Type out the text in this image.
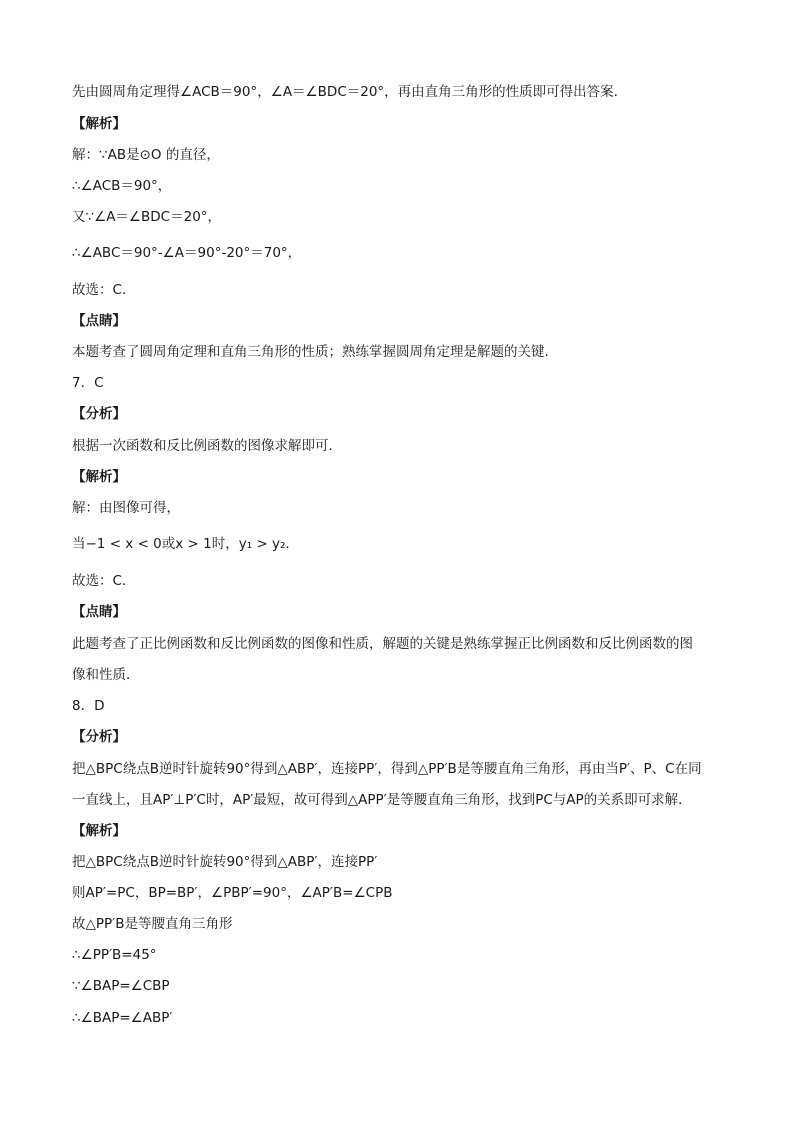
先由圆周角定理得∠ACB＝90°，∠A＝∠BDC＝20°，再由直角三角形的性质即可得出答案.
【解析】
解：∵AB是⊙O 的直径，
∴∠ACB＝90°，
又∵∠A＝∠BDC＝20°，
∴∠ABC＝90°-∠A＝90°-20°＝70°，
故选：C.
【点睛】
本题考查了圆周角定理和直角三角形的性质；熟练掌握圆周角定理是解题的关键.
7．C
【分析】
根据一次函数和反比例函数的图像求解即可．
【解析】
解：由图像可得，
当−1 < x < 0或x > 1时，y₁ > y₂．
故选：C．
【点睛】
此题考查了正比例函数和反比例函数的图像和性质，解题的关键是熟练掌握正比例函数和反比例函数的图
像和性质．
8．D
【分析】
把△BPC绕点B逆时针旋转90°得到△ABP′，连接PP′，得到△PP′B是等腰直角三角形，再由当P′、P、C在同
一直线上，且AP′⊥P′C时，AP′最短，故可得到△APP′是等腰直角三角形，找到PC与AP的关系即可求解．
【解析】
把△BPC绕点B逆时针旋转90°得到△ABP′，连接PP′
则AP′=PC，BP=BP′，∠PBP′=90°，∠AP′B=∠CPB
故△PP′B是等腰直角三角形
∴∠PP′B=45°
∵∠BAP=∠CBP
∴∠BAP=∠ABP′
